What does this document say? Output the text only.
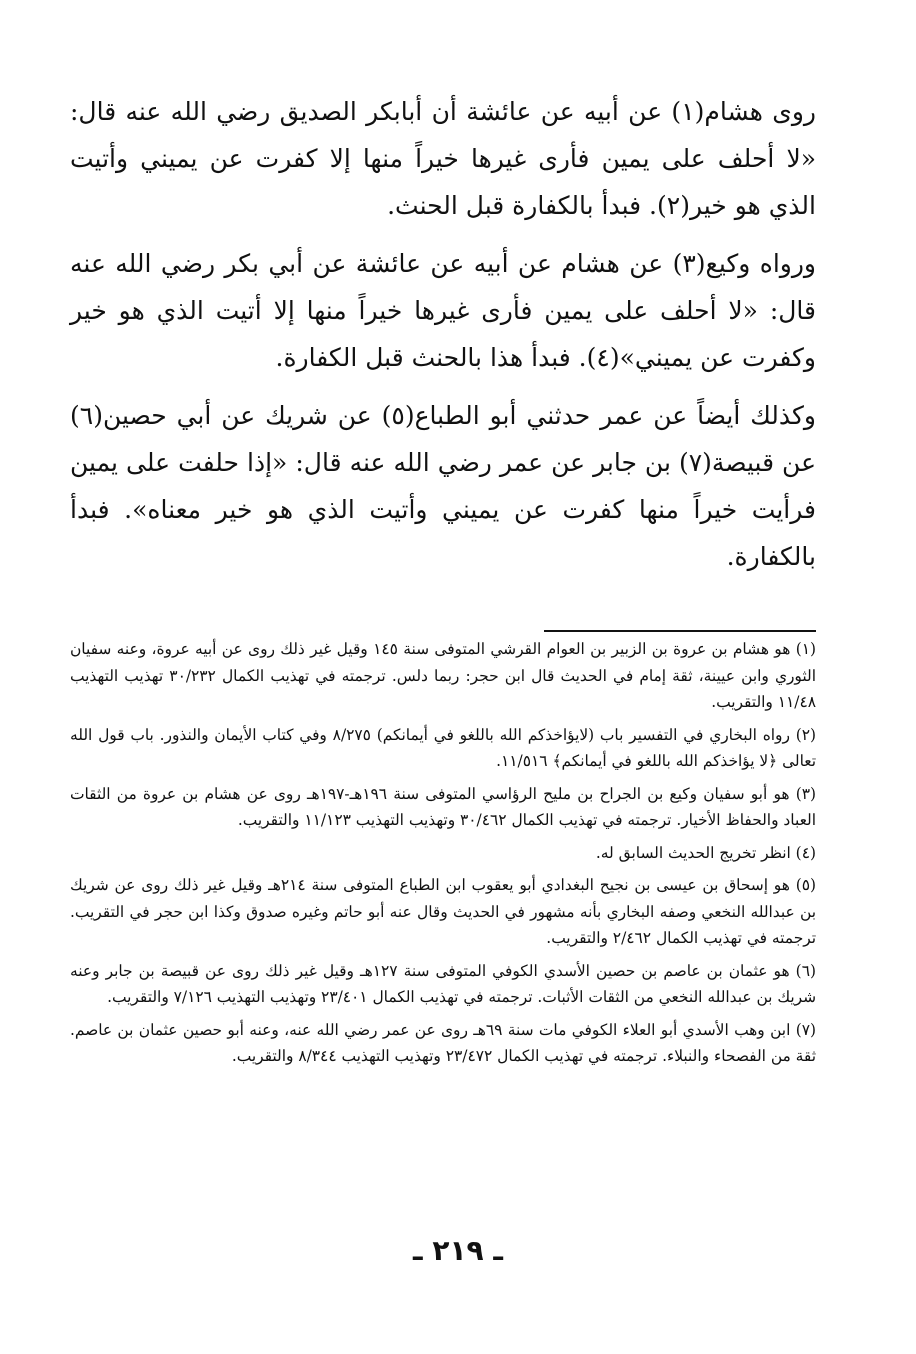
روى هشام(١) عن أبيه عن عائشة أن أبابكر الصديق رضي الله عنه قال: «لا أحلف على يمين فأرى غيرها خيراً منها إلا كفرت عن يميني وأتيت الذي هو خير(٢). فبدأ بالكفارة قبل الحنث.

ورواه وكيع(٣) عن هشام عن أبيه عن عائشة عن أبي بكر رضي الله عنه قال: «لا أحلف على يمين فأرى غيرها خيراً منها إلا أتيت الذي هو خير وكفرت عن يميني»(٤). فبدأ هذا بالحنث قبل الكفارة.

وكذلك أيضاً عن عمر حدثني أبو الطباع(٥) عن شريك عن أبي حصين(٦) عن قبيصة(٧) بن جابر عن عمر رضي الله عنه قال: «إذا حلفت على يمين فرأيت خيراً منها كفرت عن يميني وأتيت الذي هو خير معناه». فبدأ بالكفارة.

(١) هو هشام بن عروة بن الزبير بن العوام القرشي المتوفى سنة ١٤٥ وقيل غير ذلك روى عن أبيه عروة، وعنه سفيان الثوري وابن عيينة، ثقة إمام في الحديث قال ابن حجر: ربما دلس. ترجمته في تهذيب الكمال ٣٠/٢٣٢ تهذيب التهذيب ١١/٤٨ والتقريب.

(٢) رواه البخاري في التفسير باب (لايؤاخذكم الله باللغو في أيمانكم) ٨/٢٧٥ وفي كتاب الأيمان والنذور. باب قول الله تعالى ﴿لا يؤاخذكم الله باللغو في أيمانكم﴾ ١١/٥١٦.

(٣) هو أبو سفيان وكيع بن الجراح بن مليح الرؤاسي المتوفى سنة ١٩٦هـ-١٩٧هـ روى عن هشام بن عروة من الثقات العباد والحفاظ الأخيار. ترجمته في تهذيب الكمال ٣٠/٤٦٢ وتهذيب التهذيب ١١/١٢٣ والتقريب.

(٤) انظر تخريج الحديث السابق له.

(٥) هو إسحاق بن عيسى بن نجيح البغدادي أبو يعقوب ابن الطباع المتوفى سنة ٢١٤هـ وقيل غير ذلك روى عن شريك بن عبدالله النخعي وصفه البخاري بأنه مشهور في الحديث وقال عنه أبو حاتم وغيره صدوق وكذا ابن حجر في التقريب. ترجمته في تهذيب الكمال ٢/٤٦٢ والتقريب.

(٦) هو عثمان بن عاصم بن حصين الأسدي الكوفي المتوفى سنة ١٢٧هـ وقيل غير ذلك روى عن قبيصة بن جابر وعنه شريك بن عبدالله النخعي من الثقات الأثبات. ترجمته في تهذيب الكمال ٢٣/٤٠١ وتهذيب التهذيب ٧/١٢٦ والتقريب.

(٧) ابن وهب الأسدي أبو العلاء الكوفي مات سنة ٦٩هـ روى عن عمر رضي الله عنه، وعنه أبو حصين عثمان بن عاصم. ثقة من الفصحاء والنبلاء. ترجمته في تهذيب الكمال ٢٣/٤٧٢ وتهذيب التهذيب ٨/٣٤٤ والتقريب.

ـ ٢١٩ ـ
